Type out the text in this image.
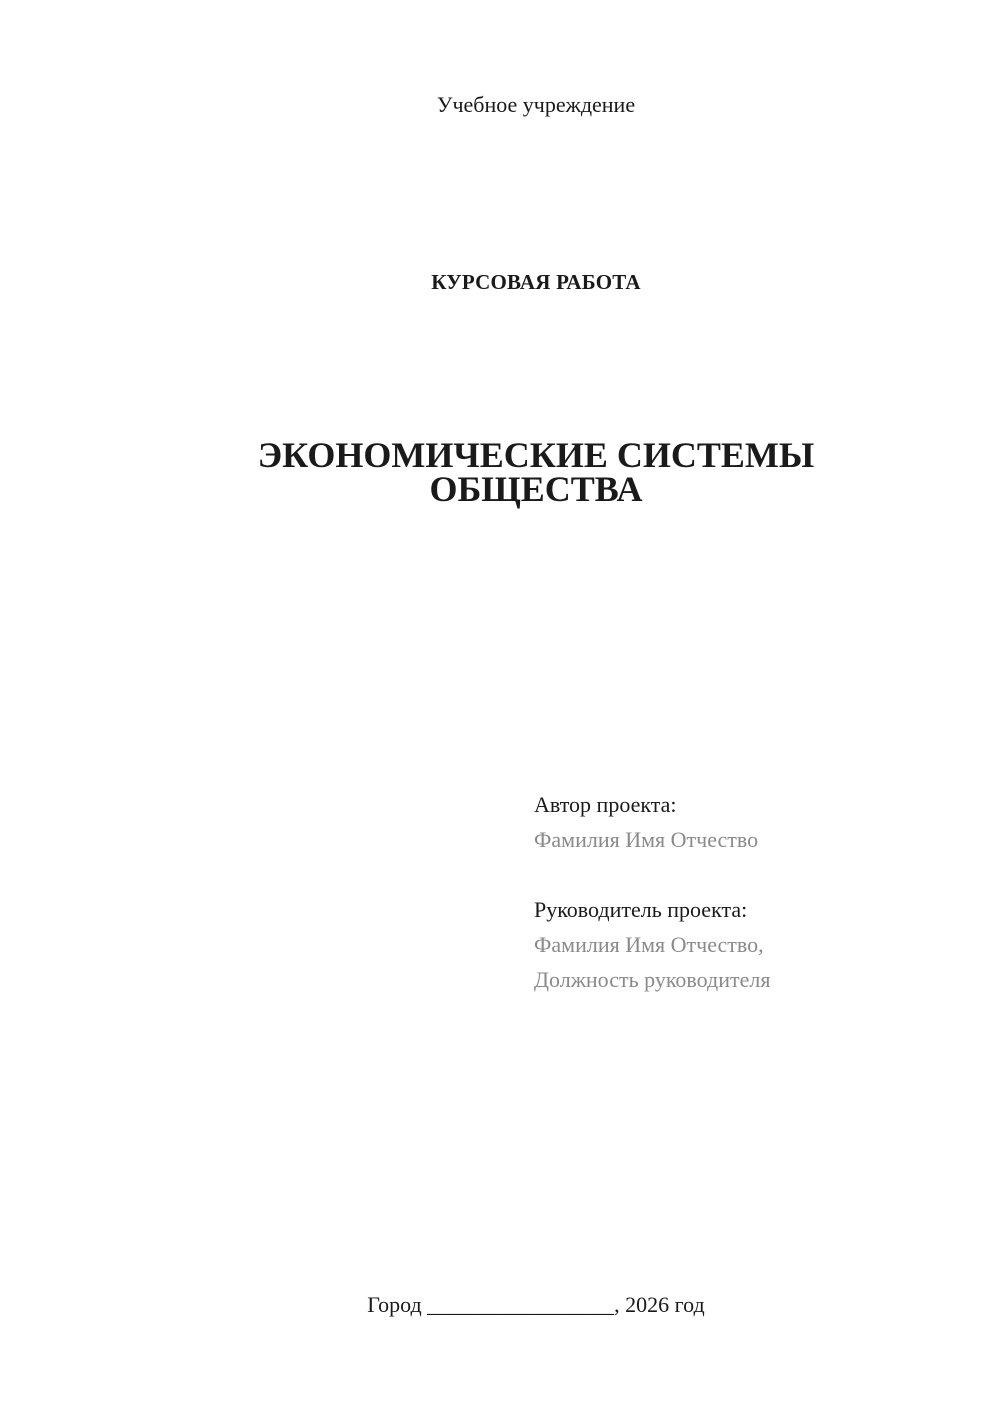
Учебное учреждение
КУРСОВАЯ РАБОТА
ЭКОНОМИЧЕСКИЕ СИСТЕМЫ
ОБЩЕСТВА
Автор проекта:
Фамилия Имя Отчество
Руководитель проекта:
Фамилия Имя Отчество,
Должность руководителя
Город _________________, 2026 год
